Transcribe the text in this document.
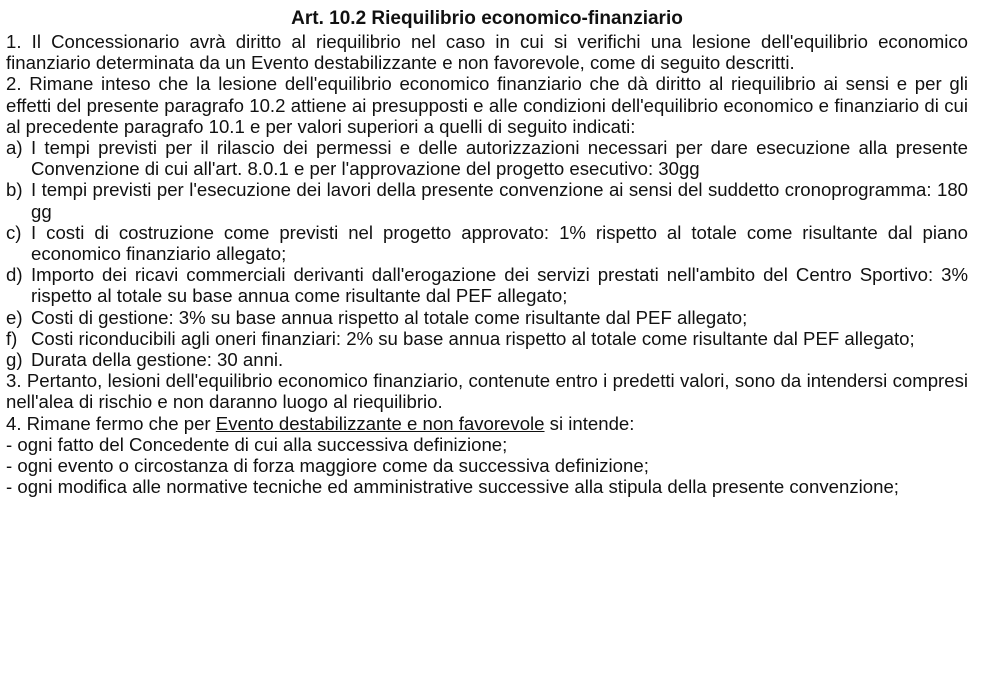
Art. 10.2 Riequilibrio economico-finanziario

1. Il Concessionario avrà diritto al riequilibrio nel caso in cui si verifichi una lesione dell'equilibrio economico finanziario determinata da un Evento destabilizzante e non favorevole, come di seguito descritti.

2. Rimane inteso che la lesione dell'equilibrio economico finanziario che dà diritto al riequilibrio ai sensi e per gli effetti del presente paragrafo 10.2 attiene ai presupposti e alle condizioni dell'equilibrio economico e finanziario di cui al precedente paragrafo 10.1 e per valori superiori a quelli di seguito indicati:

a) I tempi previsti per il rilascio dei permessi e delle autorizzazioni necessari per dare esecuzione alla presente Convenzione di cui all'art. 8.0.1 e per l'approvazione del progetto esecutivo: 30gg
b) I tempi previsti per l'esecuzione dei lavori della presente convenzione ai sensi del suddetto cronoprogramma: 180 gg
c) I costi di costruzione come previsti nel progetto approvato: 1% rispetto al totale come risultante dal piano economico finanziario allegato;
d) Importo dei ricavi commerciali derivanti dall'erogazione dei servizi prestati nell'ambito del Centro Sportivo: 3% rispetto al totale su base annua come risultante dal PEF allegato;
e) Costi di gestione: 3% su base annua rispetto al totale come risultante dal PEF allegato;
f) Costi riconducibili agli oneri finanziari: 2% su base annua rispetto al totale come risultante dal PEF allegato;
g) Durata della gestione: 30 anni.

3. Pertanto, lesioni dell'equilibrio economico finanziario, contenute entro i predetti valori, sono da intendersi compresi nell'alea di rischio e non daranno luogo al riequilibrio.

4. Rimane fermo che per Evento destabilizzante e non favorevole si intende:

- ogni fatto del Concedente di cui alla successiva definizione;
- ogni evento o circostanza di forza maggiore come da successiva definizione;
- ogni modifica alle normative tecniche ed amministrative successive alla stipula della presente convenzione;
